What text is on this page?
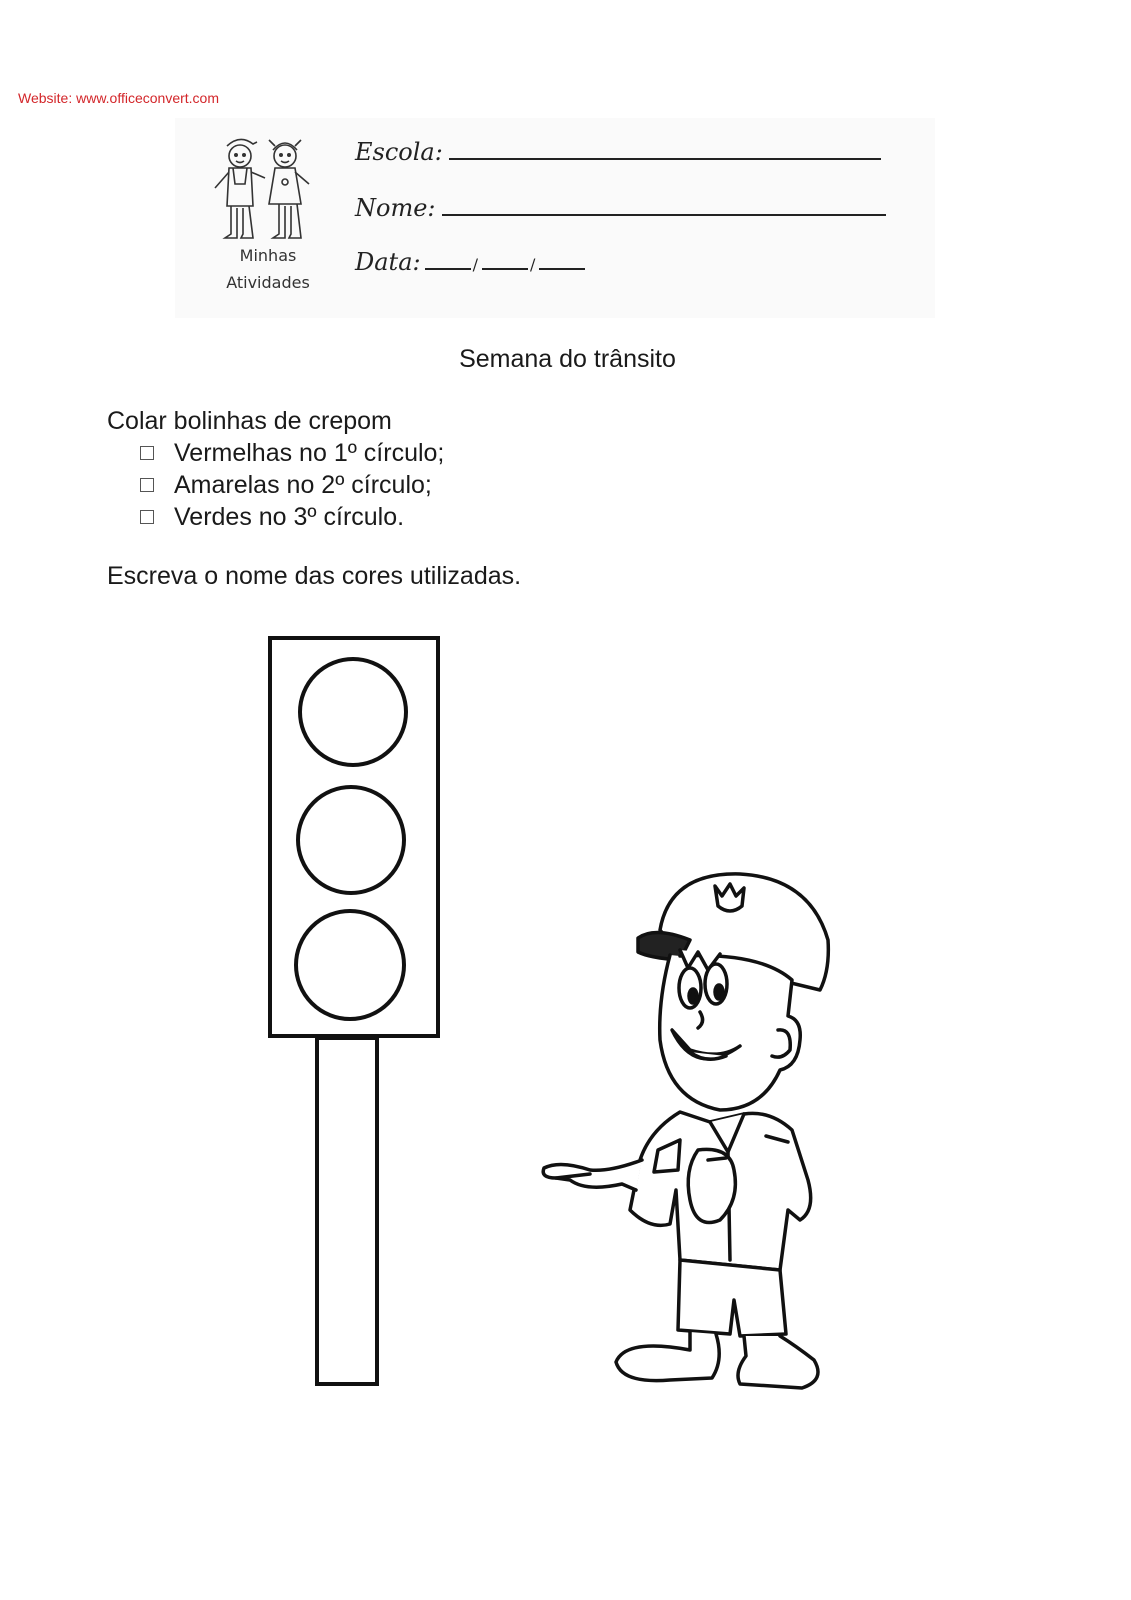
Website: www.officeconvert.com
Minhas
Atividades
Escola:
Nome:
Data:	/	/
Semana do trânsito
Colar bolinhas de crepom
Vermelhas no 1º círculo;
Amarelas no 2º círculo;
Verdes no 3º círculo.
Escreva o nome das cores utilizadas.
